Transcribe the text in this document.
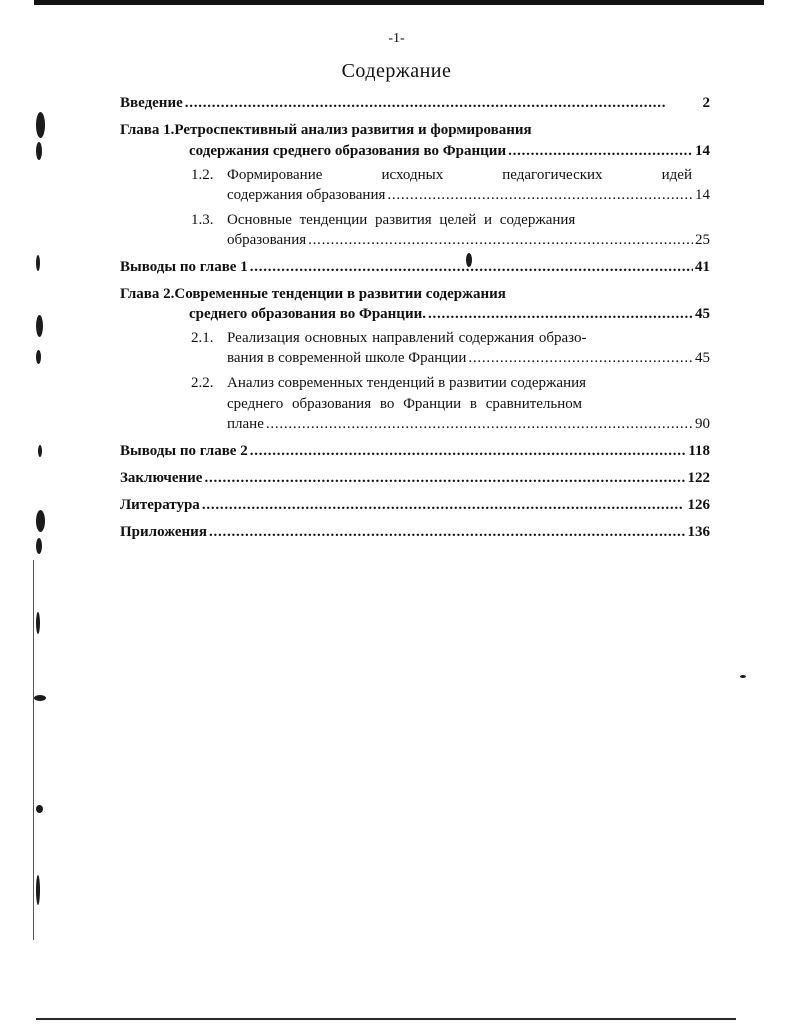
-1-
Содержание
Введение . . .	2
Глава 1.Ретроспективный анализ развития и формирования
содержания среднего образования во Франции . . .	14
1.2. Формирование	исходных	педагогических	идей
содержания образования . . .	14
1.3. Основные тенденции развития целей и содержания
образования . . .	25
Выводы по главе 1 . . .	41
Глава 2.Современные тенденции в развитии содержания
среднего образования во Франции. . . .	45
2.1. Реализация основных направлений содержания образо-
вания в современной школе Франции . . .	45
2.2. Анализ современных тенденций в развитии содержания
среднего образования во Франции в сравнительном
плане . . .	90
Выводы по главе 2 . . .	118
Заключение . . .	122
Литература . . .	126
Приложения . . .	136
